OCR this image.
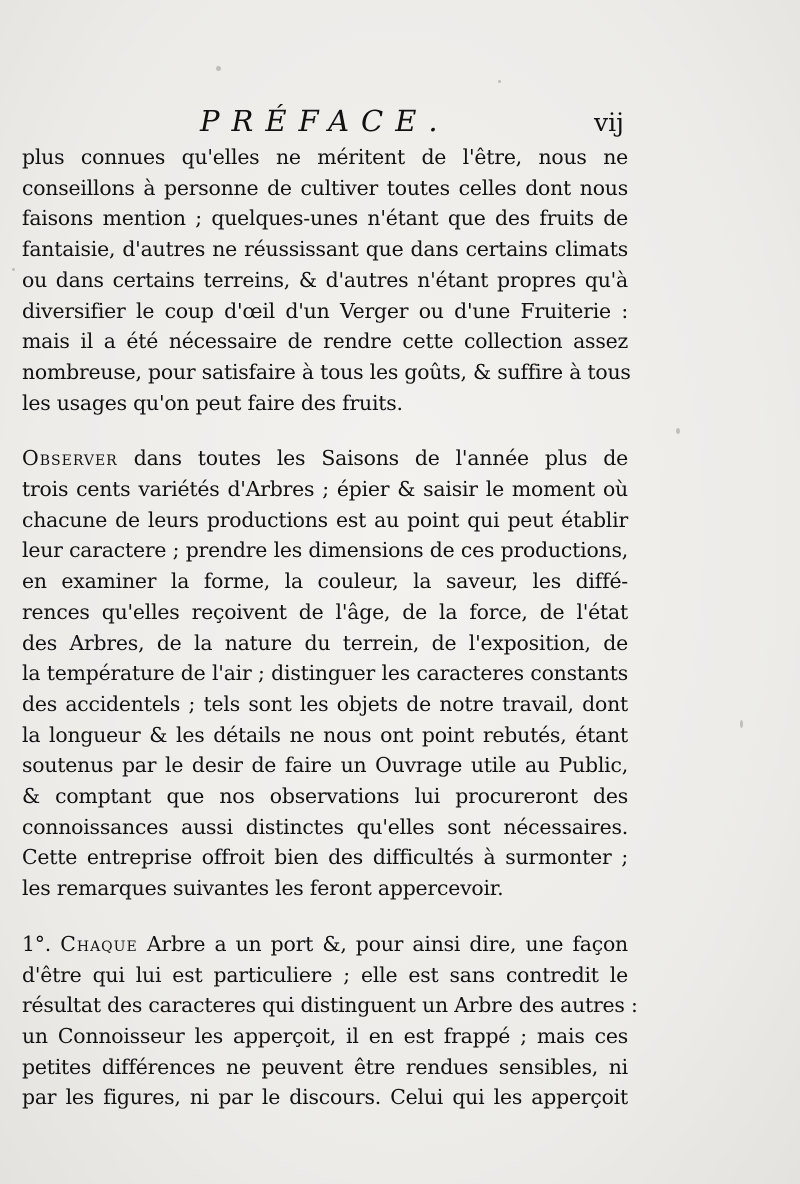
PRÉFACE.	vij
plus connues qu'elles ne méritent de l'être, nous ne
conseillons à personne de cultiver toutes celles dont nous
faisons mention ; quelques-unes n'étant que des fruits de
fantaisie, d'autres ne réussissant que dans certains climats
ou dans certains terreins, & d'autres n'étant propres qu'à
diversifier le coup d'œil d'un Verger ou d'une Fruiterie :
mais il a été nécessaire de rendre cette collection assez
nombreuse, pour satisfaire à tous les goûts, & suffire à tous
les usages qu'on peut faire des fruits.
Observer dans toutes les Saisons de l'année plus de
trois cents variétés d'Arbres ; épier & saisir le moment où
chacune de leurs productions est au point qui peut établir
leur caractere ; prendre les dimensions de ces productions,
en examiner la forme, la couleur, la saveur, les diffé-
rences qu'elles reçoivent de l'âge, de la force, de l'état
des Arbres, de la nature du terrein, de l'exposition, de
la température de l'air ; distinguer les caracteres constants
des accidentels ; tels sont les objets de notre travail, dont
la longueur & les détails ne nous ont point rebutés, étant
soutenus par le desir de faire un Ouvrage utile au Public,
& comptant que nos observations lui procureront des
connoissances aussi distinctes qu'elles sont nécessaires.
Cette entreprise offroit bien des difficultés à surmonter ;
les remarques suivantes les feront appercevoir.
1°. Chaque Arbre a un port &, pour ainsi dire, une façon
d'être qui lui est particuliere ; elle est sans contredit le
résultat des caracteres qui distinguent un Arbre des autres :
un Connoisseur les apperçoit, il en est frappé ; mais ces
petites différences ne peuvent être rendues sensibles, ni
par les figures, ni par le discours. Celui qui les apperçoit
